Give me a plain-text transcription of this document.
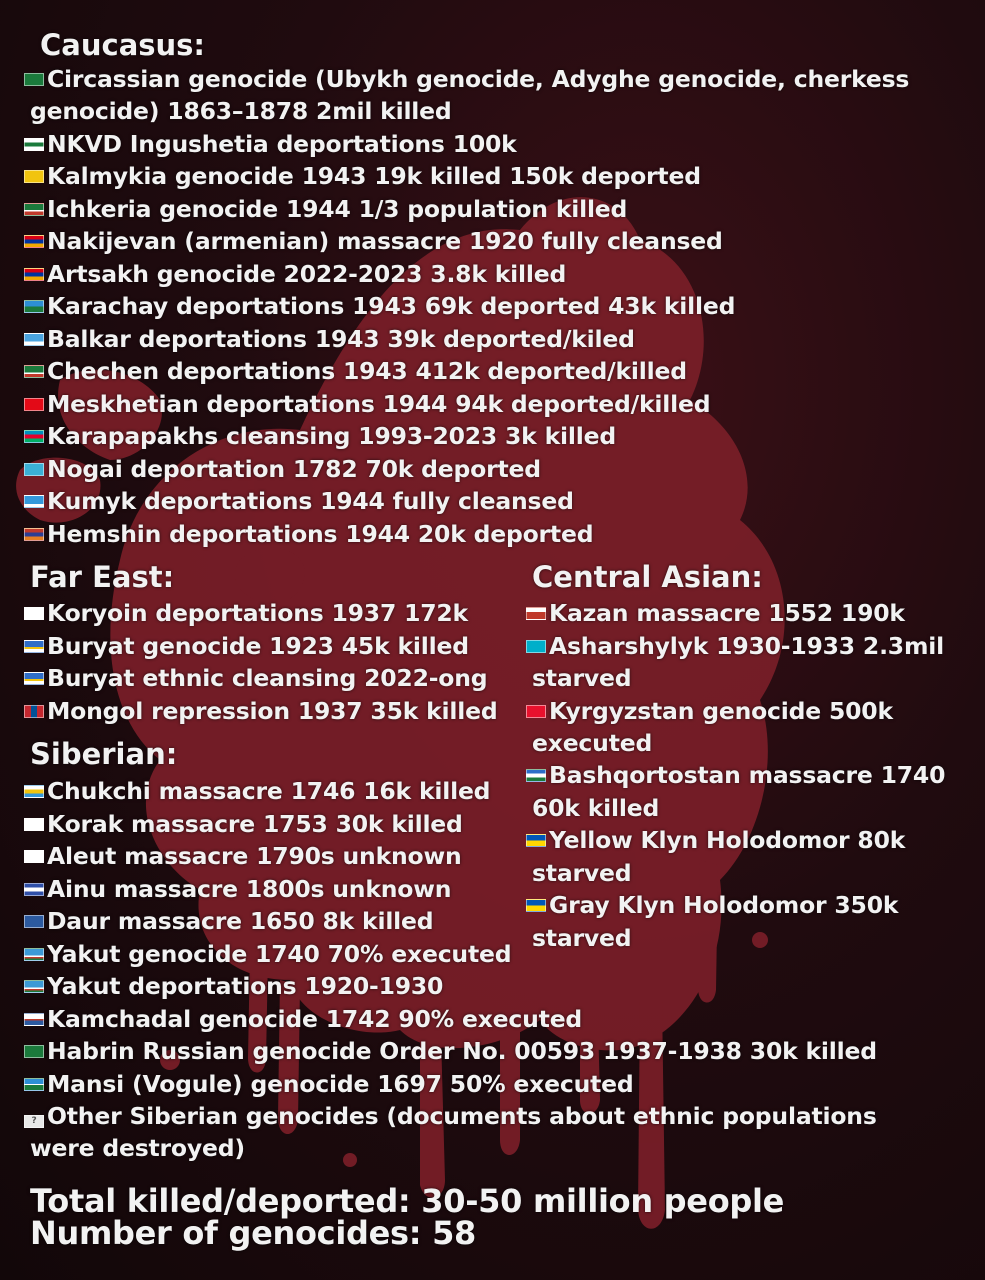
Caucasus:
Circassian genocide (Ubykh genocide, Adyghe genocide, cherkess
genocide) 1863–1878 2mil killed
NKVD Ingushetia deportations 100k
Kalmykia genocide 1943 19k killed 150k deported
Ichkeria genocide 1944 1/3 population killed
Nakijevan (armenian) massacre 1920 fully cleansed
Artsakh genocide 2022-2023 3.8k killed
Karachay deportations 1943 69k deported 43k killed
Balkar deportations 1943 39k deported/kiled
Chechen deportations 1943 412k deported/killed
Meskhetian deportations 1944 94k deported/killed
Karapapakhs cleansing 1993-2023 3k killed
Nogai deportation 1782 70k deported
Kumyk deportations 1944 fully cleansed
Hemshin deportations 1944 20k deported
Far East:	Central Asian:
Koryoin deportations 1937 172k
Buryat genocide 1923 45k killed
Buryat ethnic cleansing 2022-ong
Mongol repression 1937 35k killed
Siberian:
Chukchi massacre 1746 16k killed
Korak massacre 1753 30k killed
Aleut massacre 1790s unknown
Ainu massacre 1800s unknown
Daur massacre 1650 8k killed
Yakut genocide 1740 70% executed
Yakut deportations 1920-1930
Kamchadal genocide 1742 90% executed
Habrin Russian genocide Order No. 00593 1937-1938 30k killed
Mansi (Vogule) genocide 1697 50% executed
? Other Siberian genocides (documents about ethnic populations
were destroyed)
Kazan massacre 1552 190k
Asharshylyk 1930-1933 2.3mil
starved
Kyrgyzstan genocide 500k
executed
Bashqortostan massacre 1740
60k killed
Yellow Klyn Holodomor 80k
starved
Gray Klyn Holodomor 350k
starved
Total killed/deported: 30-50 million people
Number of genocides: 58
